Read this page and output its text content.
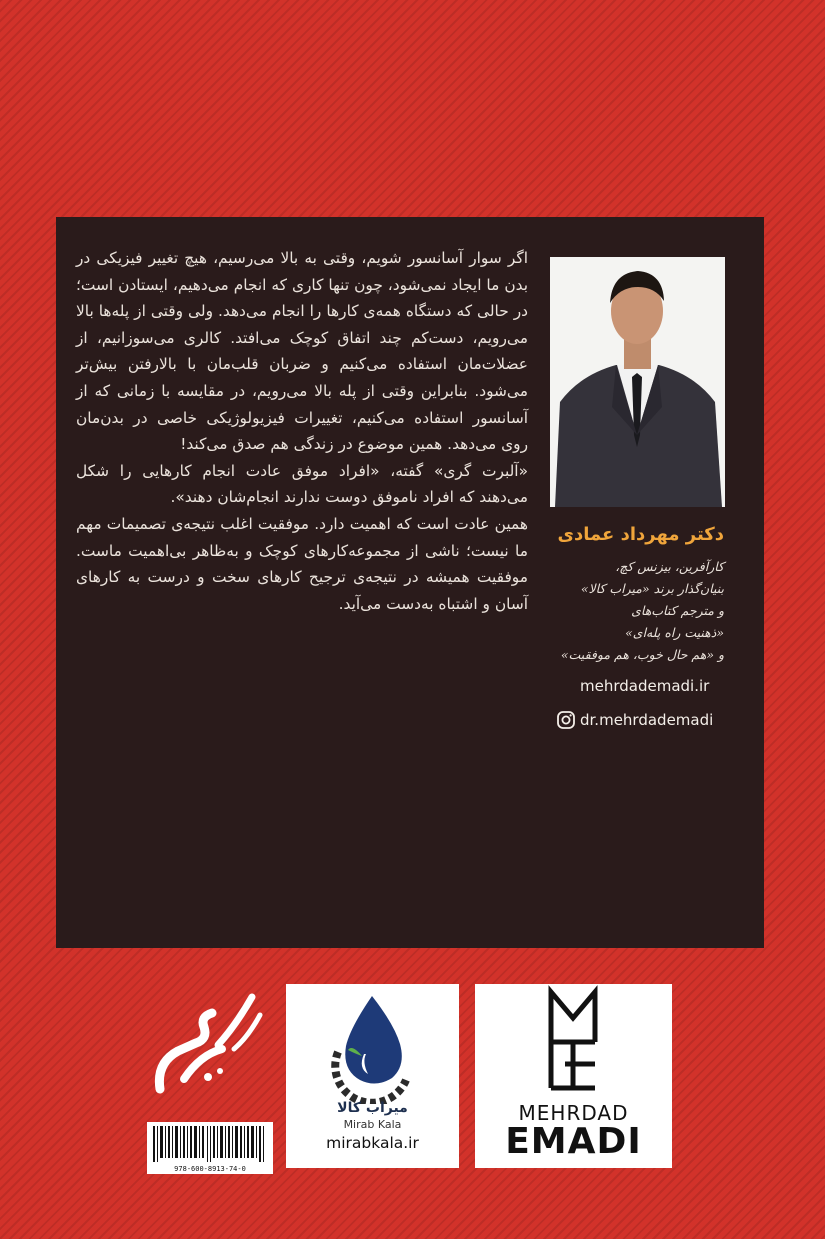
اگر سوار آسانسور شویم، وقتی به بالا می‌رسیم، هیچ تغییر فیزیکی در بدن ما ایجاد نمی‌شود، چون تنها کاری که انجام می‌دهیم، ایستادن است؛ در حالی که دستگاه همه‌ی کارها را انجام می‌دهد. ولی وقتی از پله‌ها بالا می‌رویم، دست‌کم چند اتفاق کوچک می‌افتد. کالری می‌سوزانیم، از عضلات‌مان استفاده می‌کنیم و ضربان قلب‌مان با بالارفتن بیش‌تر می‌شود. بنابراین وقتی از پله بالا می‌رویم، در مقایسه با زمانی که از آسانسور استفاده می‌کنیم، تغییرات فیزیولوژیکی خاصی در بدن‌مان روی می‌دهد. همین موضوع در زندگی هم صدق می‌کند!

«آلبرت گری» گفته، «افراد موفق عادت انجام کارهایی را شکل می‌دهند که افراد ناموفق دوست ندارند انجام‌شان دهند».

همین عادت است که اهمیت دارد. موفقیت اغلب نتیجه‌ی تصمیمات مهم ما نیست؛ ناشی از مجموعه‌کارهای کوچک و به‌ظاهر بی‌اهمیت ماست. موفقیت همیشه در نتیجه‌ی ترجیح کارهای سخت و درست به کارهای آسان و اشتباه به‌دست می‌آید.

دکتر مهرداد عمادی
کارآفرین، بیزنس کچ،
بنیان‌گذار برند «میراب کالا»
و مترجم کتاب‌های
«ذهنیت راه پله‌ای»
و «هم حال خوب، هم موفقیت»
mehrdademadi.ir
dr.mehrdademadi
978-600-8913-74-0
میراب کالا
Mirab Kala
mirabkala.ir
MEHRDAD
EMADI
